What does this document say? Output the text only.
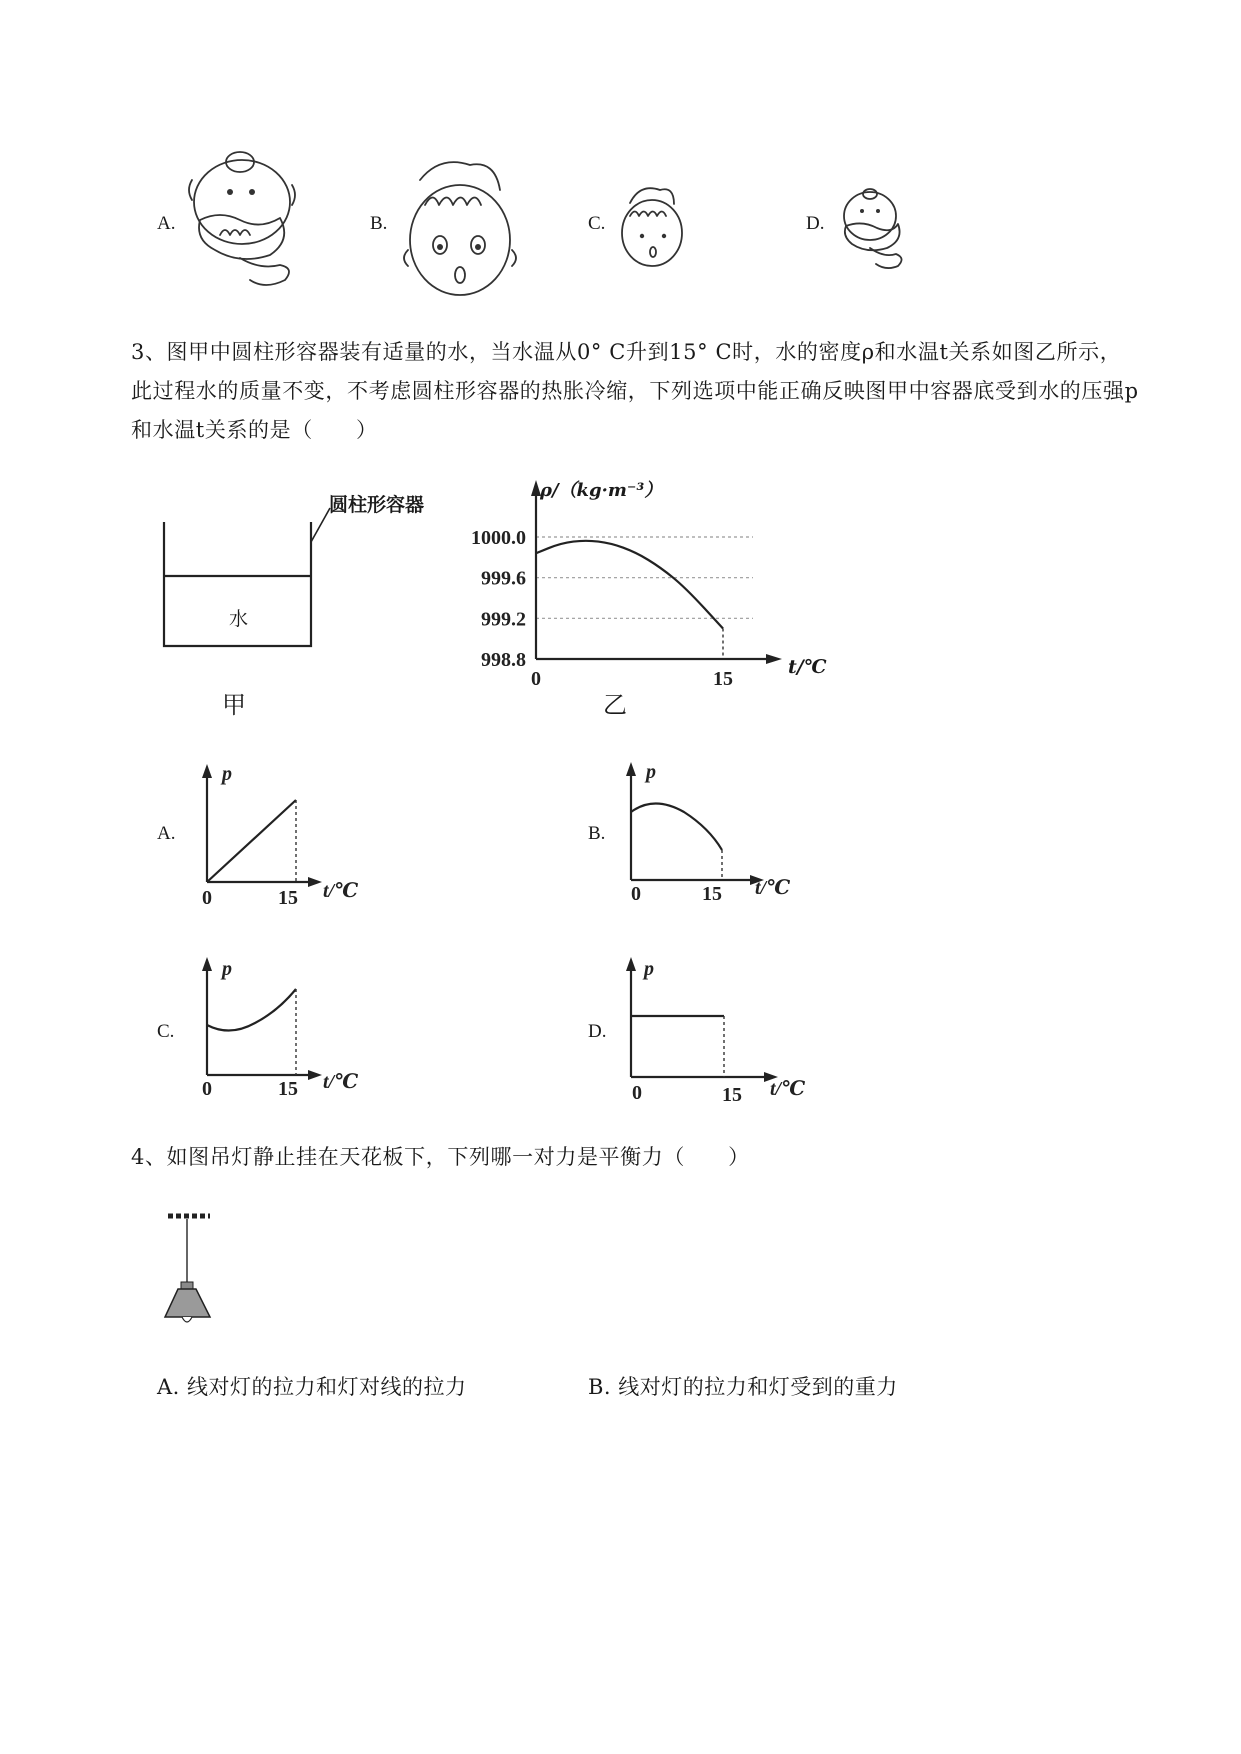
A.	B.	C.	D.
3、图甲中圆柱形容器装有适量的水，当水温从0° C升到15° C时，水的密度ρ和水温t关系如图乙所示，此过程水的质量不变，不考虑圆柱形容器的热胀冷缩，下列选项中能正确反映图甲中容器底受到水的压强p和水温t关系的是（　　）
圆柱形容器
水
甲
998.8
999.2
999.6
1000.0
0	15
ρ/（kg·m⁻³）
t/℃
乙
A.
0	15 t/℃
p
B.
0	15 t/℃
p
C.
0	15 t/℃
p
D.
0	15 t/℃
p
4、如图吊灯静止挂在天花板下，下列哪一对力是平衡力（　　）
A. 线对灯的拉力和灯对线的拉力	B. 线对灯的拉力和灯受到的重力
